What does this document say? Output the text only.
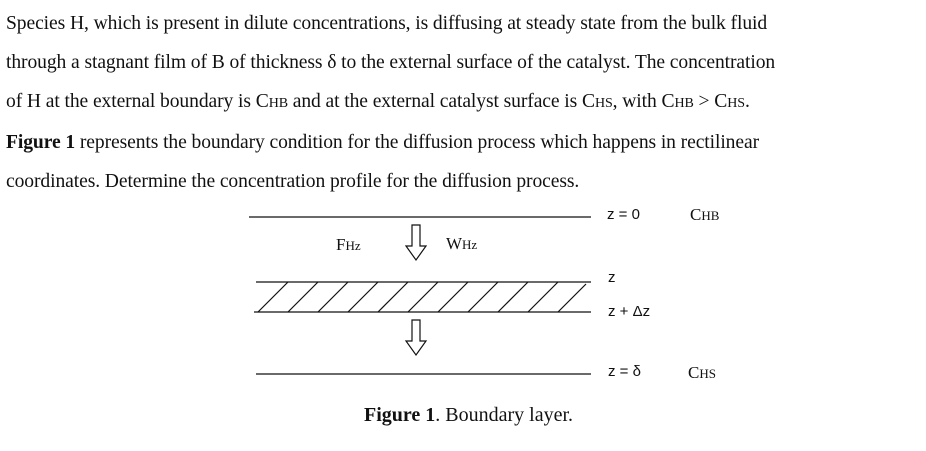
Species H, which is present in dilute concentrations, is diffusing at steady state from the bulk fluid
through a stagnant film of B of thickness δ to the external surface of the catalyst. The concentration
of H at the external boundary is CHB and at the external catalyst surface is CHS, with CHB > CHS.
Figure 1 represents the boundary condition for the diffusion process which happens in rectilinear
coordinates. Determine the concentration profile for the diffusion process.
z = 0	CHB
FHz	WHz
z
z + Δz
z = δ	CHS
Figure 1. Boundary layer.
